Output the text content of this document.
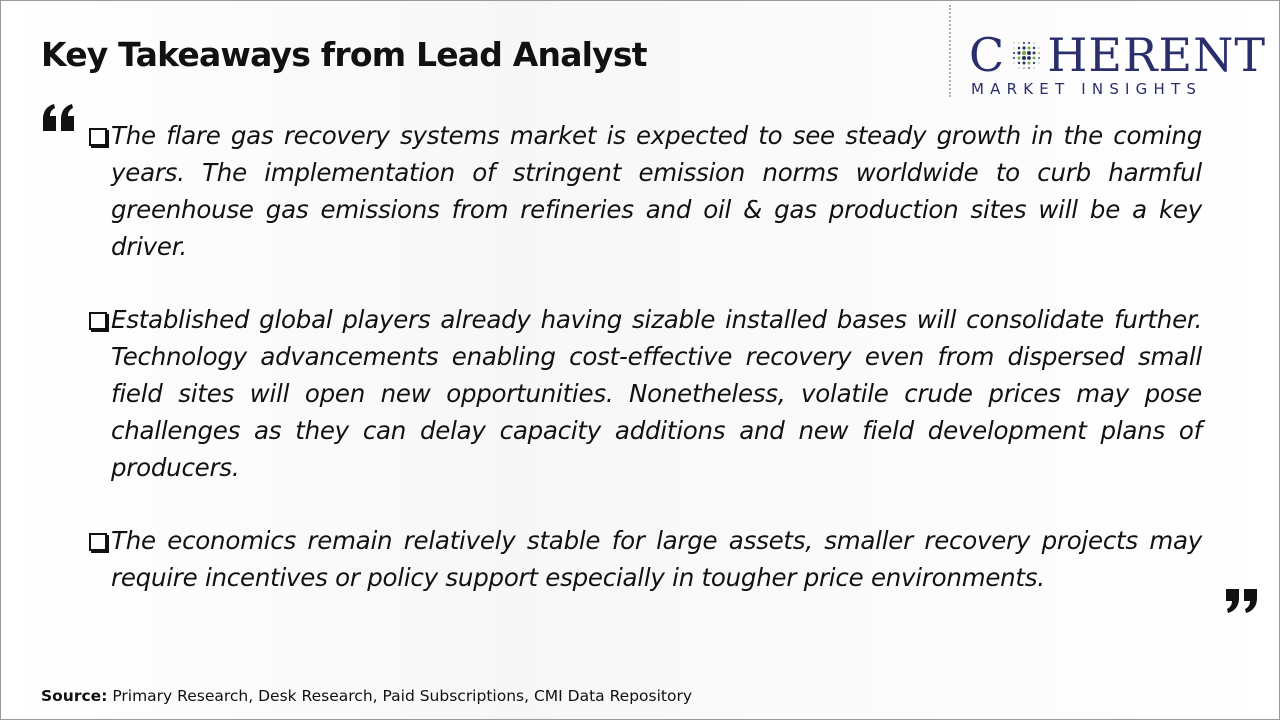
Key Takeaways from Lead Analyst	C HERENT
MARKET INSIGHTS
The flare gas recovery systems market is expected to see steady growth in the coming years. The implementation of stringent emission norms worldwide to curb harmful greenhouse gas emissions from refineries and oil & gas production sites will be a key driver.
Established global players already having sizable installed bases will consolidate further. Technology advancements enabling cost-effective recovery even from dispersed small field sites will open new opportunities. Nonetheless, volatile crude prices may pose challenges as they can delay capacity additions and new field development plans of producers.
The economics remain relatively stable for large assets, smaller recovery projects may require incentives or policy support especially in tougher price environments.
Source: Primary Research, Desk Research, Paid Subscriptions, CMI Data Repository
